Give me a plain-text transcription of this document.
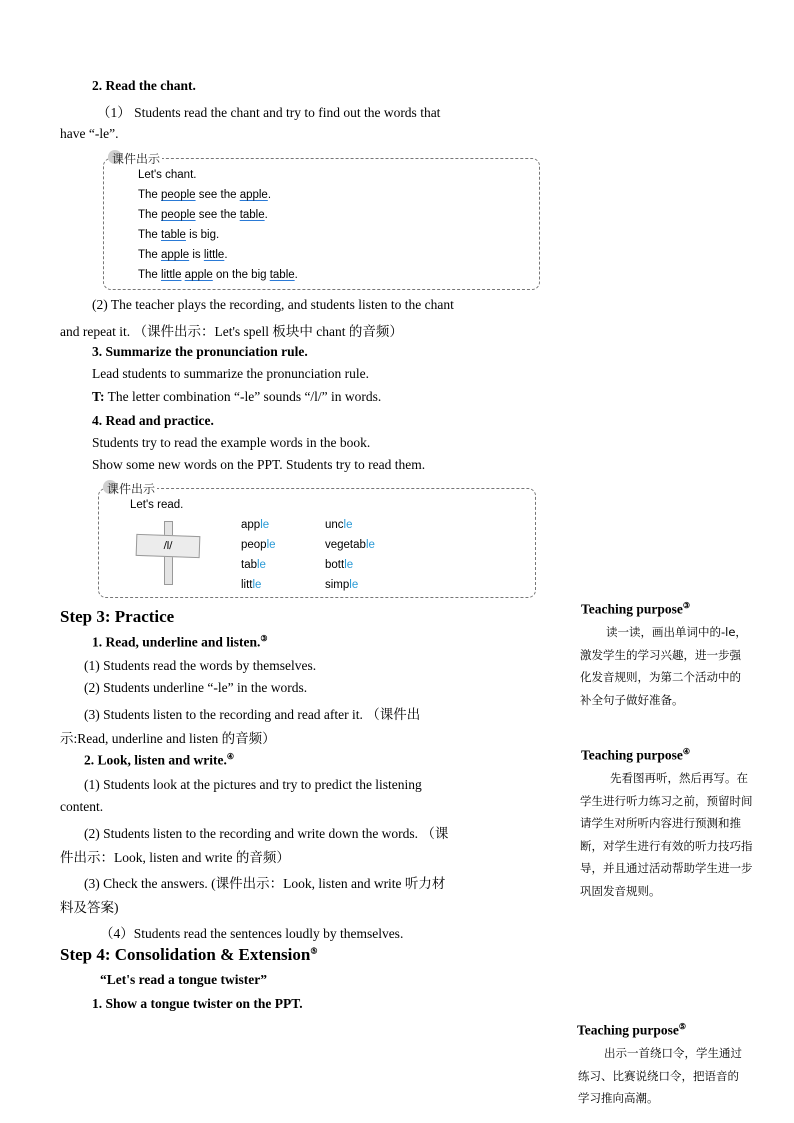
2. Read the chant.
（1） Students read the chant and try to find out the words that
have “-le”.
课件出示
Let's chant.
The people see the apple.
The people see the table.
The table is big.
The apple is little.
The little apple on the big table.
(2) The teacher plays the recording, and students listen to the chant
and repeat it. （课件出示：Let's spell 板块中 chant 的音频）
3. Summarize the pronunciation rule.
Lead students to summarize the pronunciation rule.
T: The letter combination “-le” sounds “/l/” in words.
4. Read and practice.
Students try to read the example words in the book.
Show some new words on the PPT. Students try to read them.
课件出示
Let's read.
/l/
apple
people
table
little
uncle
vegetable
bottle
simple
Step 3: Practice
1. Read, underline and listen.③
(1) Students read the words by themselves.
(2) Students underline “-le” in the words.
(3) Students listen to the recording and read after it. （课件出
示:Read, underline and listen 的音频）
2. Look, listen and write.④
(1) Students look at the pictures and try to predict the listening
content.
(2) Students listen to the recording and write down the words. （课
件出示：Look, listen and write 的音频）
(3) Check the answers. (课件出示：Look, listen and write 听力材
料及答案)
（4）Students read the sentences loudly by themselves.
Step 4: Consolidation & Extension⑤
“Let's read a tongue twister”
1. Show a tongue twister on the PPT.
Teaching purpose③
读一读，画出单词中的-le，激发学生的学习兴趣，进一步强化发音规则，为第二个活动中的补全句子做好准备。
Teaching purpose④
先看图再听，然后再写。在学生进行听力练习之前，预留时间请学生对所听内容进行预测和推断，对学生进行有效的听力技巧指导，并且通过活动帮助学生进一步巩固发音规则。
Teaching purpose⑤
出示一首绕口令，学生通过练习、比赛说绕口令，把语音的学习推向高潮。
